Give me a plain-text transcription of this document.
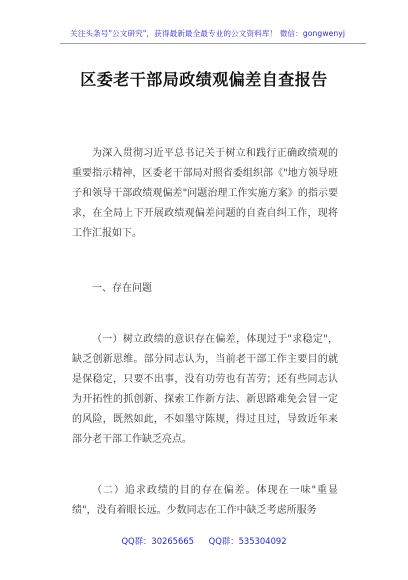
关注头条号"公文研究"，获得最新最全最专业的公文资料库！ 微信：gongwenyj
区委老干部局政绩观偏差自查报告

为深入贯彻习近平总书记关于树立和践行正确政绩观的重要指示精神，区委老干部局对照省委组织部《"地方领导班子和领导干部政绩观偏差"问题治理工作实施方案》的指示要求，在全局上下开展政绩观偏差问题的自查自纠工作，现将工作汇报如下。

一、存在问题

（一）树立政绩的意识存在偏差，体现过于"求稳定"，缺乏创新思维。部分同志认为，当前老干部工作主要目的就是保稳定，只要不出事，没有功劳也有苦劳；还有些同志认为开拓性的抓创新、探索工作新方法、新思路难免会冒一定的风险，既然如此，不如墨守陈规，得过且过，导致近年来部分老干部工作缺乏亮点。

（二）追求政绩的目的存在偏差。体现在一味"重显绩"，没有着眼长远。少数同志在工作中缺乏考虑所服务

QQ群：30265665 QQ群：535304092
